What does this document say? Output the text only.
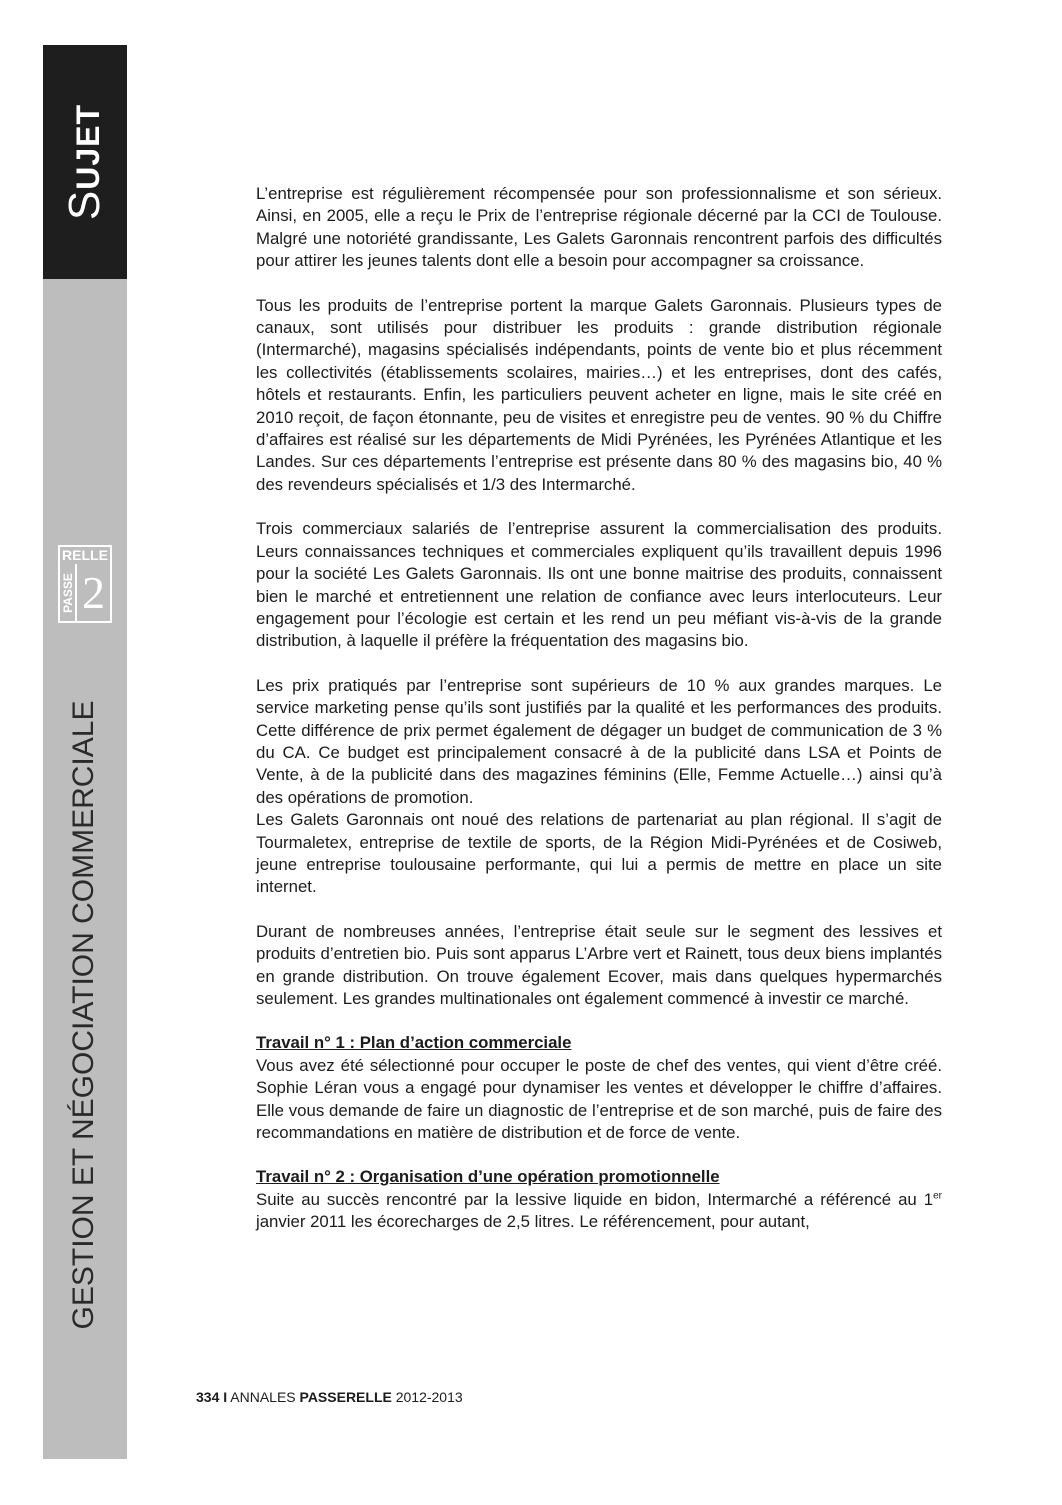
SUJET
RELLE
PASSE 2
GESTION ET NÉGOCIATION COMMERCIALE

L’entreprise est régulièrement récompensée pour son professionnalisme et son sérieux. Ainsi, en 2005, elle a reçu le Prix de l’entreprise régionale décerné par la CCI de Toulouse. Malgré une notoriété grandissante, Les Galets Garonnais rencontrent parfois des difficultés pour attirer les jeunes talents dont elle a besoin pour accompagner sa croissance.

Tous les produits de l’entreprise portent la marque Galets Garonnais. Plusieurs types de canaux, sont utilisés pour distribuer les produits : grande distribution régionale (Intermarché), magasins spécialisés indépendants, points de vente bio et plus récemment les collectivités (établissements scolaires, mairies…) et les entreprises, dont des cafés, hôtels et restaurants. Enfin, les particuliers peuvent acheter en ligne, mais le site créé en 2010 reçoit, de façon étonnante, peu de visites et enregistre peu de ventes. 90 % du Chiffre d’affaires est réalisé sur les départements de Midi Pyrénées, les Pyrénées Atlantique et les Landes. Sur ces départements l’entreprise est présente dans 80 % des magasins bio, 40 % des revendeurs spécialisés et 1/3 des Intermarché.

Trois commerciaux salariés de l’entreprise assurent la commercialisation des produits. Leurs connaissances techniques et commerciales expliquent qu’ils travaillent depuis 1996 pour la société Les Galets Garonnais. Ils ont une bonne maitrise des produits, connaissent bien le marché et entretiennent une relation de confiance avec leurs interlocuteurs. Leur engagement pour l’écologie est certain et les rend un peu méfiant vis-à-vis de la grande distribution, à laquelle il préfère la fréquentation des magasins bio.

Les prix pratiqués par l’entreprise sont supérieurs de 10 % aux grandes marques. Le service marketing pense qu’ils sont justifiés par la qualité et les performances des produits. Cette différence de prix permet également de dégager un budget de communication de 3 % du CA. Ce budget est principalement consacré à de la publicité dans LSA et Points de Vente, à de la publicité dans des magazines féminins (Elle, Femme Actuelle…) ainsi qu’à des opérations de promotion.

Les Galets Garonnais ont noué des relations de partenariat au plan régional. Il s’agit de Tourmaletex, entreprise de textile de sports, de la Région Midi-Pyrénées et de Cosiweb, jeune entreprise toulousaine performante, qui lui a permis de mettre en place un site internet.

Durant de nombreuses années, l’entreprise était seule sur le segment des lessives et produits d’entretien bio. Puis sont apparus L’Arbre vert et Rainett, tous deux biens implantés en grande distribution. On trouve également Ecover, mais dans quelques hypermarchés seulement. Les grandes multinationales ont également commencé à investir ce marché.

Travail n° 1 : Plan d’action commerciale
Vous avez été sélectionné pour occuper le poste de chef des ventes, qui vient d’être créé. Sophie Léran vous a engagé pour dynamiser les ventes et développer le chiffre d’affaires. Elle vous demande de faire un diagnostic de l’entreprise et de son marché, puis de faire des recommandations en matière de distribution et de force de vente.

Travail n° 2 : Organisation d’une opération promotionnelle
Suite au succès rencontré par la lessive liquide en bidon, Intermarché a référencé au 1er janvier 2011 les écorecharges de 2,5 litres. Le référencement, pour autant,

334 I ANNALES PASSERELLE 2012-2013
